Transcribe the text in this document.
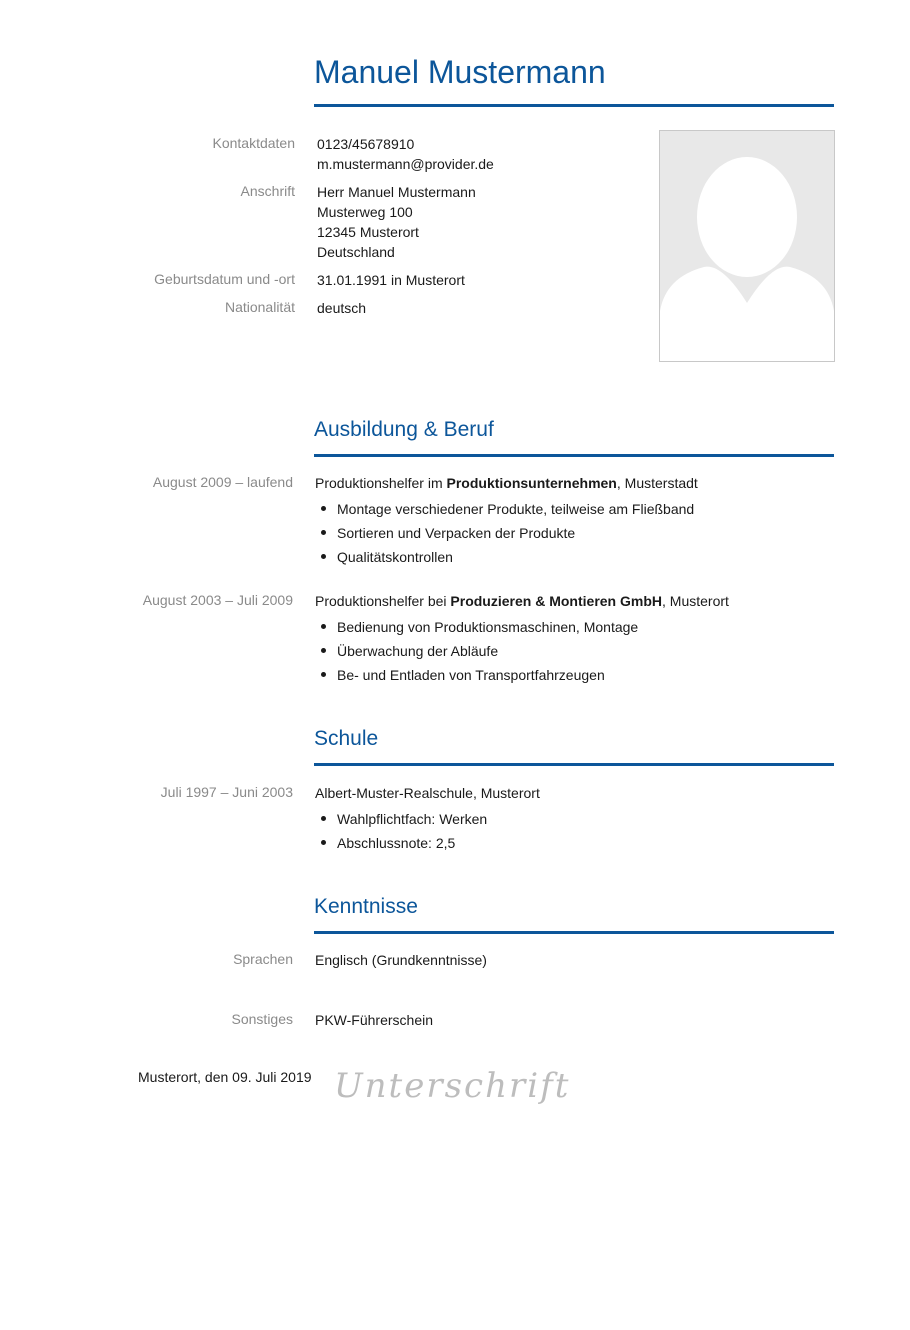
Manuel Mustermann
Kontaktdaten 0123/45678910
m.mustermann@provider.de
Anschrift Herr Manuel Mustermann
Musterweg 100
12345 Musterort
Deutschland
Geburtsdatum und -ort 31.01.1991 in Musterort
Nationalität deutsch
Ausbildung & Beruf
August 2009 – laufend Produktionshelfer im Produktionsunternehmen, Musterstadt
Montage verschiedener Produkte, teilweise am Fließband
Sortieren und Verpacken der Produkte
Qualitätskontrollen
August 2003 – Juli 2009 Produktionshelfer bei Produzieren & Montieren GmbH, Musterort
Bedienung von Produktionsmaschinen, Montage
Überwachung der Abläufe
Be- und Entladen von Transportfahrzeugen
Schule
Juli 1997 – Juni 2003 Albert-Muster-Realschule, Musterort
Wahlpflichtfach: Werken
Abschlussnote: 2,5
Kenntnisse
Sprachen Englisch (Grundkenntnisse)
Sonstiges PKW-Führerschein
Musterort, den 09. Juli 2019 Unterschrift
